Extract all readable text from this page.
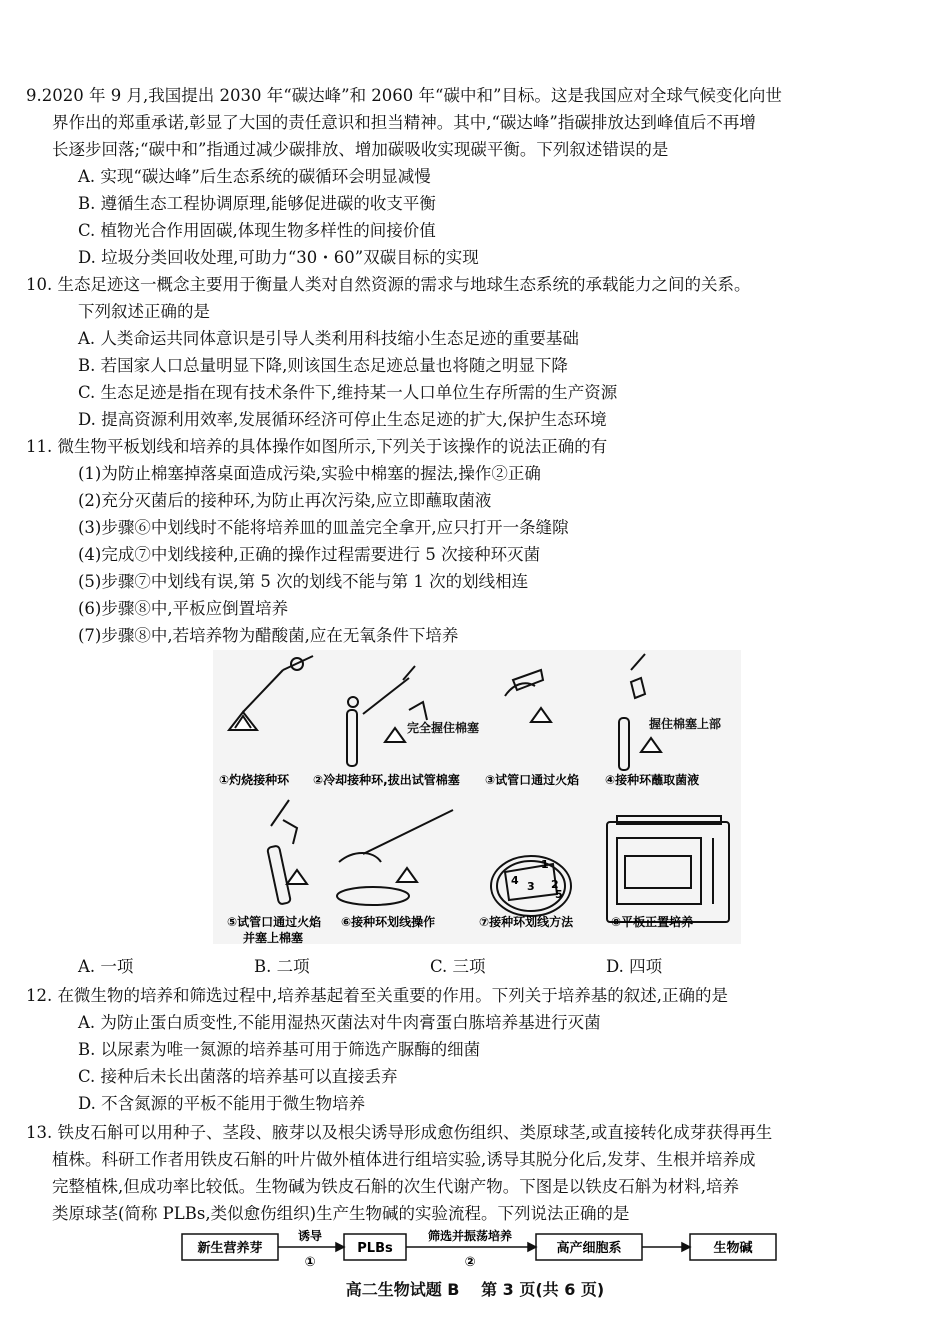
9.2020 年 9 月,我国提出 2030 年“碳达峰”和 2060 年“碳中和”目标。这是我国应对全球气候变化向世

界作出的郑重承诺,彰显了大国的责任意识和担当精神。其中,“碳达峰”指碳排放达到峰值后不再增

长逐步回落;“碳中和”指通过减少碳排放、增加碳吸收实现碳平衡。下列叙述错误的是

A. 实现“碳达峰”后生态系统的碳循环会明显减慢

B. 遵循生态工程协调原理,能够促进碳的收支平衡

C. 植物光合作用固碳,体现生物多样性的间接价值

D. 垃圾分类回收处理,可助力“30・60”双碳目标的实现

10. 生态足迹这一概念主要用于衡量人类对自然资源的需求与地球生态系统的承载能力之间的关系。

下列叙述正确的是

A. 人类命运共同体意识是引导人类利用科技缩小生态足迹的重要基础

B. 若国家人口总量明显下降,则该国生态足迹总量也将随之明显下降

C. 生态足迹是指在现有技术条件下,维持某一人口单位生存所需的生产资源

D. 提高资源利用效率,发展循环经济可停止生态足迹的扩大,保护生态环境

11. 微生物平板划线和培养的具体操作如图所示,下列关于该操作的说法正确的有

(1)为防止棉塞掉落桌面造成污染,实验中棉塞的握法,操作②正确

(2)充分灭菌后的接种环,为防止再次污染,应立即蘸取菌液

(3)步骤⑥中划线时不能将培养皿的皿盖完全拿开,应只打开一条缝隙

(4)完成⑦中划线接种,正确的操作过程需要进行 5 次接种环灭菌

(5)步骤⑦中划线有误,第 5 次的划线不能与第 1 次的划线相连

(6)步骤⑧中,平板应倒置培养

(7)步骤⑧中,若培养物为醋酸菌,应在无氧条件下培养

完全握住棉塞	握住棉塞上部
4 3 2
1
5
①灼烧接种环 ②冷却接种环,拔出试管棉塞 ③试管口通过火焰 ④接种环蘸取菌液
⑤试管口通过火焰
并塞上棉塞
⑥接种环划线操作	⑦接种环划线方法	⑧平板正置培养
A. 一项	B. 二项	C. 三项	D. 四项

12. 在微生物的培养和筛选过程中,培养基起着至关重要的作用。下列关于培养基的叙述,正确的是

A. 为防止蛋白质变性,不能用湿热灭菌法对牛肉膏蛋白胨培养基进行灭菌

B. 以尿素为唯一氮源的培养基可用于筛选产脲酶的细菌

C. 接种后未长出菌落的培养基可以直接丢弃

D. 不含氮源的平板不能用于微生物培养

13. 铁皮石斛可以用种子、茎段、腋芽以及根尖诱导形成愈伤组织、类原球茎,或直接转化成芽获得再生

植株。科研工作者用铁皮石斛的叶片做外植体进行组培实验,诱导其脱分化后,发芽、生根并培养成

完整植株,但成功率比较低。生物碱为铁皮石斛的次生代谢产物。下图是以铁皮石斛为材料,培养

类原球茎(简称 PLBs,类似愈伤组织)生产生物碱的实验流程。下列说法正确的是

新生营养芽	PLBs	高产细胞系	生物碱
诱导
①
筛选并振荡培养
②
高二生物试题 B　 第 3 页(共 6 页)
